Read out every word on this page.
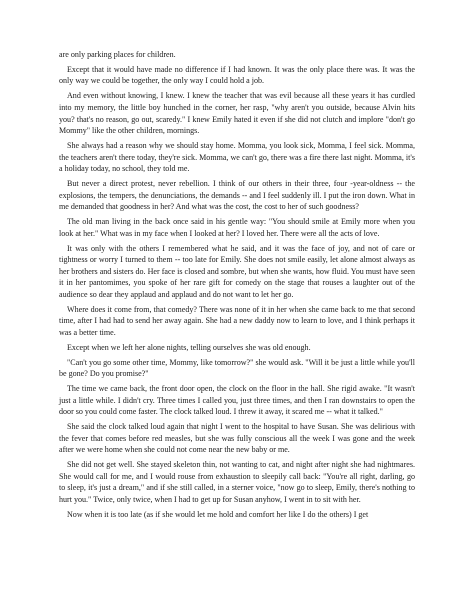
are only parking places for children.

Except that it would have made no difference if I had known. It was the only place there was. It was the only way we could be together, the only way I could hold a job.

And even without knowing, I knew. I knew the teacher that was evil because all these years it has curdled into my memory, the little boy hunched in the corner, her rasp, "why aren't you outside, because Alvin hits you? that's no reason, go out, scaredy." I knew Emily hated it even if she did not clutch and implore "don't go Mommy" like the other children, mornings.

She always had a reason why we should stay home. Momma, you look sick, Momma, I feel sick. Momma, the teachers aren't there today, they're sick. Momma, we can't go, there was a fire there last night. Momma, it's a holiday today, no school, they told me.

But never a direct protest, never rebellion. I think of our others in their three, four -year-oldness -- the explosions, the tempers, the denunciations, the demands -- and I feel suddenly ill. I put the iron down. What in me demanded that goodness in her? And what was the cost, the cost to her of such goodness?

The old man living in the back once said in his gentle way: "You should smile at Emily more when you look at her." What was in my face when I looked at her? I loved her. There were all the acts of love.

It was only with the others I remembered what he said, and it was the face of joy, and not of care or tightness or worry I turned to them -- too late for Emily. She does not smile easily, let alone almost always as her brothers and sisters do. Her face is closed and sombre, but when she wants, how fluid. You must have seen it in her pantomimes, you spoke of her rare gift for comedy on the stage that rouses a laughter out of the audience so dear they applaud and applaud and do not want to let her go.

Where does it come from, that comedy? There was none of it in her when she came back to me that second time, after I had had to send her away again. She had a new daddy now to learn to love, and I think perhaps it was a better time.

Except when we left her alone nights, telling ourselves she was old enough.

"Can't you go some other time, Mommy, like tomorrow?" she would ask. "Will it be just a little while you'll be gone? Do you promise?"

The time we came back, the front door open, the clock on the floor in the hall. She rigid awake. "It wasn't just a little while. I didn't cry. Three times I called you, just three times, and then I ran downstairs to open the door so you could come faster. The clock talked loud. I threw it away, it scared me -- what it talked."

She said the clock talked loud again that night I went to the hospital to have Susan. She was delirious with the fever that comes before red measles, but she was fully conscious all the week I was gone and the week after we were home when she could not come near the new baby or me.

She did not get well. She stayed skeleton thin, not wanting to cat, and night after night she had nightmares. She would call for me, and I would rouse from exhaustion to sleepily call back: "You're all right, darling, go to sleep, it's just a dream," and if she still called, in a sterner voice, "now go to sleep, Emily, there's nothing to hurt you." Twice, only twice, when I had to get up for Susan anyhow, I went in to sit with her.

Now when it is too late (as if she would let me hold and comfort her like I do the others) I get
